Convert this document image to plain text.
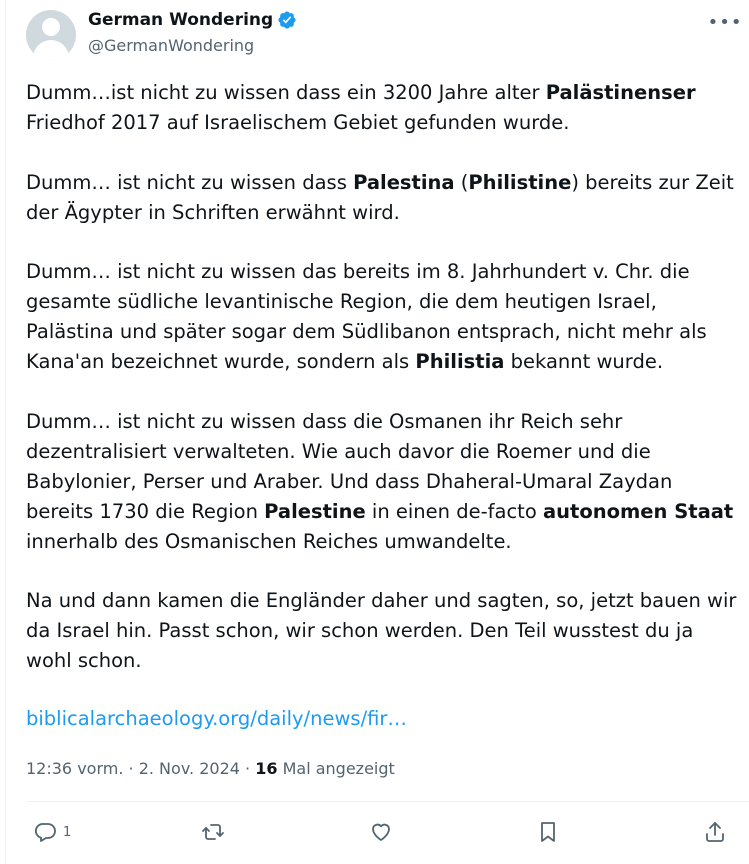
German Wondering
@GermanWondering
•••

Dumm…ist nicht zu wissen dass ein 3200 Jahre alter Palästinenser Friedhof 2017 auf Israelischem Gebiet gefunden wurde.

Dumm… ist nicht zu wissen dass Palestina (Philistine) bereits zur Zeit der Ägypter in Schriften erwähnt wird.

Dumm… ist nicht zu wissen das bereits im 8. Jahrhundert v. Chr. die gesamte südliche levantinische Region, die dem heutigen Israel, Palästina und später sogar dem Südlibanon entsprach, nicht mehr als Kana'an bezeichnet wurde, sondern als Philistia bekannt wurde.

Dumm… ist nicht zu wissen dass die Osmanen ihr Reich sehr dezentralisiert verwalteten. Wie auch davor die Roemer und die Babylonier, Perser und Araber. Und dass Dhaheral-Umaral Zaydan bereits 1730 die Region Palestine in einen de-facto autonomen Staat innerhalb des Osmanischen Reiches umwandelte.

Na und dann kamen die Engländer daher und sagten, so, jetzt bauen wir da Israel hin. Passt schon, wir schon werden. Den Teil wusstest du ja wohl schon.

biblicalarchaeology.org/daily/news/fir…
12:36 vorm. · 2. Nov. 2024 · 16 Mal angezeigt
1
